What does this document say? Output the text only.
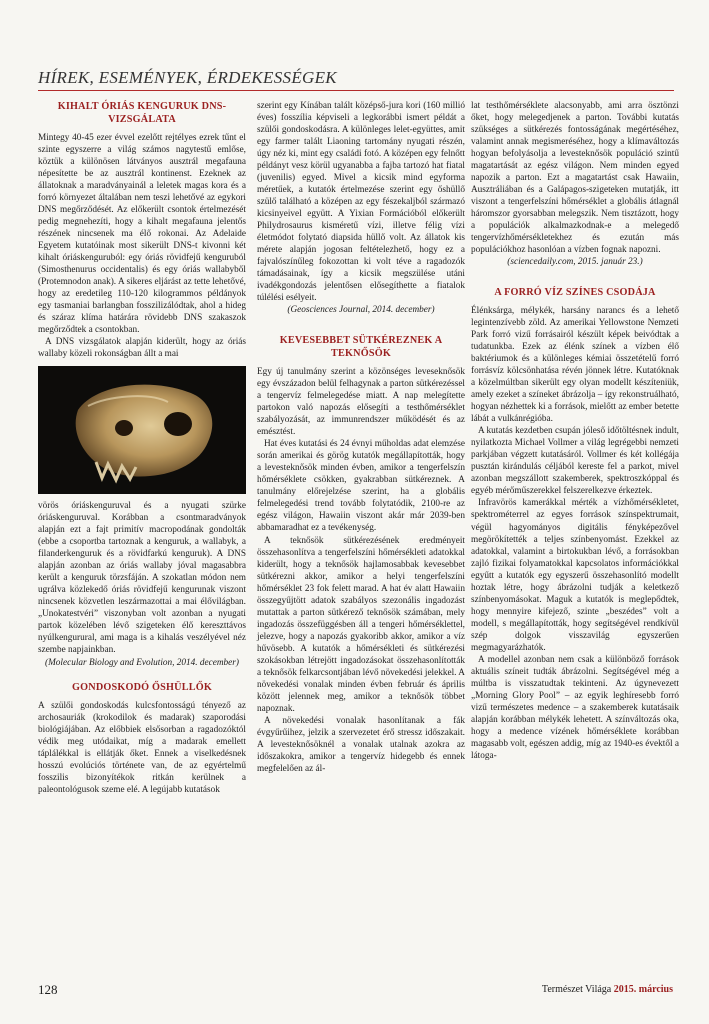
HÍREK, ESEMÉNYEK, ÉRDEKESSÉGEK
KIHALT ÓRIÁS KENGURUK DNS-VIZSGÁLATA

Mintegy 40-45 ezer évvel ezelőtt rejtélyes ezrek tűnt el szinte egyszerre a világ számos nagytestű emlőse, köztük a különösen látványos ausztrál megafauna népesítette be az ausztrál kontinenst. Ezeknek az állatoknak a maradványainál a leletek magas kora és a forró környezet általában nem teszi lehetővé az egykori DNS megőrződését. Az előkerült csontok értelmezését pedig megnehezíti, hogy a kihalt megafauna jelentős részének nincsenek ma élő rokonai. Az Adelaide Egyetem kutatóinak most sikerült DNS-t kivonni két kihalt óriáskenguruból: egy óriás rövidfejű kenguruból (Simosthenurus occidentalis) és egy óriás wallabyből (Protemnodon anak). A sikeres eljárást az tette lehetővé, hogy az eredetileg 110-120 kilogrammos példányok egy tasmaniai barlangban fosszilizálódtak, ahol a hideg és száraz klíma határára rövidebb DNS szakaszok megőrződtek a csontokban.

A DNS vizsgálatok alapján kiderült, hogy az óriás wallaby közeli rokonságban állt a mai

vörös óriáskenguruval és a nyugati szürke óriáskenguruval. Korábban a csontmaradványok alapján ezt a fajt primitív macropodának gondolták (ebbe a csoportba tartoznak a kenguruk, a wallabyk, a filanderkenguruk és a rövidfarkú kenguruk). A DNS alapján azonban az óriás wallaby jóval magasabbra került a kenguruk törzsfáján. A szokatlan módon nem ugrálva közlekedő óriás rövidfejű kengurunak viszont nincsenek közvetlen leszármazottai a mai élővilágban. „Unokatestvéri” viszonyban volt azonban a nyugati partok közelében lévő szigeteken élő kereszttávos nyúlkengurural, ami maga is a kihalás veszélyével néz szembe napjainkban.

(Molecular Biology and Evolution, 2014. december)

GONDOSKODÓ ŐSHÜLLŐK

A szülői gondoskodás kulcsfontosságú tényező az archosauriák (krokodilok és madarak) szaporodási biológiájában. Az előbbiek elsősorban a ragadozóktól védik meg utódaikat, míg a madarak emellett táplálékkal is ellátják őket. Ennek a viselkedésnek hosszú evolúciós története van, de az egyértelmű fosszilis bizonyítékok ritkán kerülnek a paleontológusok szeme elé. A legújabb kutatások

szerint egy Kínában talált középső-jura kori (160 millió éves) fosszília képviseli a legkorábbi ismert példát a szülői gondoskodásra. A különleges lelet-együttes, amit egy farmer talált Liaoning tartomány nyugati részén, úgy néz ki, mint egy családi fotó. A középen egy felnőtt példányt vesz körül ugyanabba a fajba tartozó hat fiatal (juvenilis) egyed. Mivel a kicsik mind egyforma méretűek, a kutatók értelmezése szerint egy őshüllő szülő található a középen az egy fészekaljból származó kicsinyeivel együtt. A Yixian Formációból előkerült Philydrosaurus kisméretű vízi, illetve félig vízi életmódot folytató diapsida hüllő volt. Az állatok kis mérete alapján jogosan feltételezhető, hogy ez a fajvalószínűleg fokozottan ki volt téve a ragadozók támadásainak, így a kicsik megszülése utáni ivadékgondozás jelentősen elősegíthette a fiatalok túlélési esélyeit.

(Geosciences Journal, 2014. december)

KEVESEBBET SÜTKÉREZNEK A TEKNŐSÖK

Egy új tanulmány szerint a közönséges leveseknősök egy évszázadon belül felhagynak a parton sütkérezéssel a tengervíz felmelegedése miatt. A nap melegítette partokon való napozás elősegíti a testhőmérséklet szabályozását, az immunrendszer működését és az emésztést.

Hat éves kutatási és 24 évnyi műholdas adat elemzése során amerikai és görög kutatók megállapították, hogy a levesteknősök minden évben, amikor a tengerfelszín hőmérséklete csökken, gyakrabban sütkéreznek. A tanulmány előrejelzése szerint, ha a globális felmelegedési trend tovább folytatódik, 2100-re az egész világon, Hawaiin viszont akár már 2039-ben abbamaradhat ez a tevékenység.

A teknősök sütkérezésének eredményeit összehasonlítva a tengerfelszíni hőmérsékleti adatokkal kiderült, hogy a teknősök hajlamosabbak kevesebbet sütkérezni akkor, amikor a helyi tengerfelszíni hőmérséklet 23 fok felett marad. A hat év alatt Hawaiin összegyűjtött adatok szabályos szezonális ingadozást mutattak a parton sütkérező teknősök számában, mely ingadozás összefüggésben áll a tengeri hőmérséklettel, jelezve, hogy a napozás gyakoribb akkor, amikor a víz hűvösebb. A kutatók a hőmérsékleti és sütkérezési szokásokban létrejött ingadozásokat összehasonlították a teknősök felkarcsontjában lévő növekedési jelekkel. A növekedési vonalak minden évben február és április között jelennek meg, amikor a teknősök többet napoznak.

A növekedési vonalak hasonlítanak a fák évgyűrűihez, jelzik a szervezetet érő stressz időszakait. A levesteknősöknél a vonalak utalnak azokra az időszakokra, amikor a tengervíz hidegebb és ennek megfelelően az ál-

lat testhőmérséklete alacsonyabb, ami arra ösztönzi őket, hogy melegedjenek a parton. További kutatás szükséges a sütkérezés fontosságának megértéséhez, valamint annak megismeréséhez, hogy a klímaváltozás hogyan befolyásolja a levesteknősök populáció szintű magatartását az egész világon. Nem minden egyed napozik a parton. Ezt a magatartást csak Hawaiin, Ausztráliában és a Galápagos-szigeteken mutatják, itt viszont a tengerfelszíni hőmérséklet a globális átlagnál háromszor gyorsabban melegszik. Nem tisztázott, hogy a populációk alkalmazkodnak-e a melegedő tengervízhőmérsékletekhez és ezután más populációkhoz hasonlóan a vízben fognak napozni.

(sciencedaily.com, 2015. január 23.)

A FORRÓ VÍZ SZÍNES CSODÁJA

Élénksárga, mélykék, harsány narancs és a lehető legintenzívebb zöld. Az amerikai Yellowstone Nemzeti Park forró vizű forrásairól készült képek beivódtak a tudatunkba. Ezek az élénk színek a vízben élő baktériumok és a különleges kémiai összetételű forró forrásvíz kölcsönhatása révén jönnek létre. Kutatóknak a közelmúltban sikerült egy olyan modellt készíteniük, amely ezeket a színeket ábrázolja – így rekonstruálható, hogyan nézhettek ki a források, mielőtt az ember betette lábát a vulkánrégióba.

A kutatás kezdetben csupán jóleső időtöltésnek indult, nyilatkozta Michael Vollmer a világ legrégebbi nemzeti parkjában végzett kutatásáról. Vollmer és két kollégája pusztán kirándulás céljából kereste fel a parkot, mivel azonban megszállott szakemberek, spektroszkóppal és egyéb mérőműszerekkel felszerelkezve érkeztek.

Infravörös kamerákkal mérték a vízhőmérsékletet, spektrométerrel az egyes források színspektrumait, végül hagyományos digitális fényképezővel megörökítették a teljes színbenyomást. Ezekkel az adatokkal, valamint a birtokukban lévő, a forrásokban zajló fizikai folyamatokkal kapcsolatos információkkal egyűtt a kutatók egy egyszerű összehasonlító modellt hoztak létre, hogy ábrázolni tudják a keletkező színbenyomásokat. Maguk a kutatók is meglepődtek, hogy mennyire kifejező, szinte „beszédes” volt a modell, s megállapították, hogy segítségével rendkívül szép dolgok visszavilág egyszerűen megmagyarázhatók.

A modellel azonban nem csak a különböző források aktuális színeit tudták ábrázolni. Segítségével még a múltba is visszatudtak tekinteni. Az úgynevezett „Morning Glory Pool” – az egyik leghíresebb forró vizű természetes medence – a szakemberek kutatásaik alapján korábban mélykék lehetett. A színváltozás oka, hogy a medence vízének hőmérséklete korábban magasabb volt, egészen addig, míg az 1940-es évektől a látoga-

128	Természet Világa 2015. március
